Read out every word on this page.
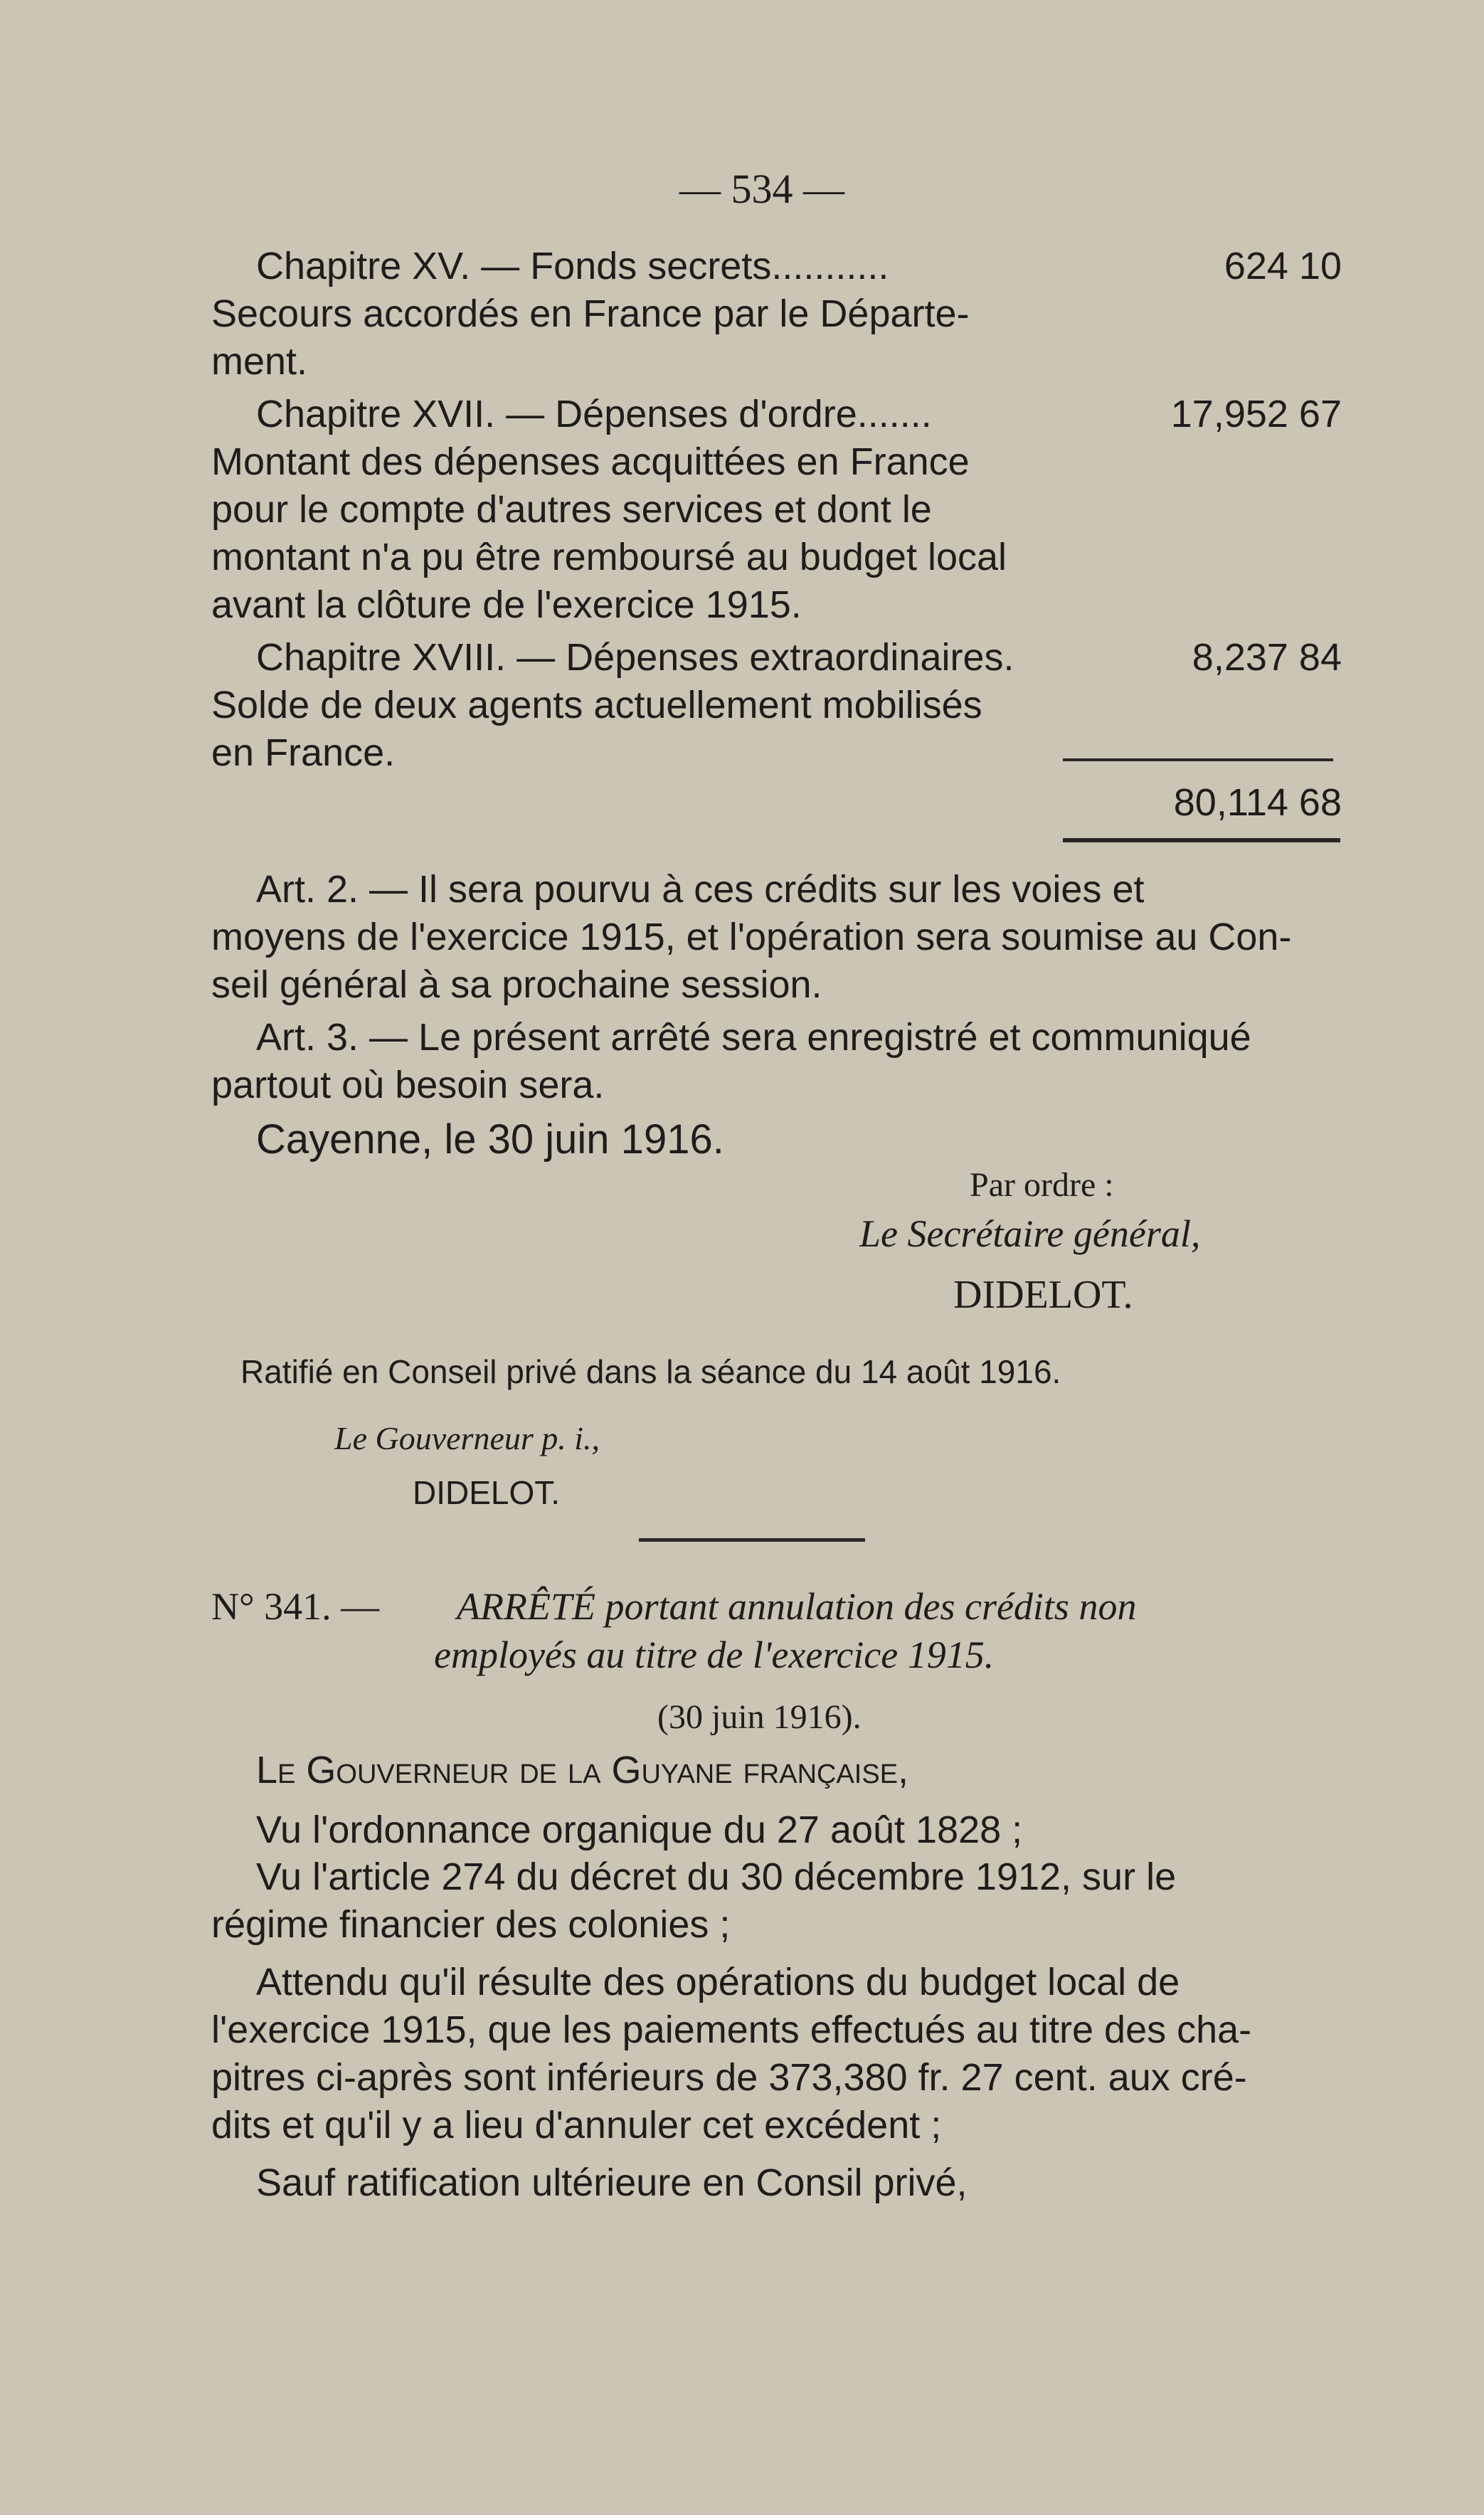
— 534 —
Chapitre XV. — Fonds secrets...........	624 10
Secours accordés en France par le Départe-
ment.
Chapitre XVII. — Dépenses d'ordre.......	17,952 67
Montant des dépenses acquittées en France
pour le compte d'autres services et dont le
montant n'a pu être remboursé au budget local
avant la clôture de l'exercice 1915.
Chapitre XVIII. — Dépenses extraordinaires.	8,237 84
Solde de deux agents actuellement mobilisés
en France.
80,114 68
Art. 2. — Il sera pourvu à ces crédits sur les voies et
moyens de l'exercice 1915, et l'opération sera soumise au Con-
seil général à sa prochaine session.
Art. 3. — Le présent arrêté sera enregistré et communiqué
partout où besoin sera.
Cayenne, le 30 juin 1916.
Par ordre :
Le Secrétaire général,
DIDELOT.
Ratifié en Conseil privé dans la séance du 14 août 1916.
Le Gouverneur p. i.,
DIDELOT.
N° 341. — ARRÊTÉ portant annulation des crédits non
employés au titre de l'exercice 1915.
(30 juin 1916).
Le Gouverneur de la Guyane française,
Vu l'ordonnance organique du 27 août 1828 ;
Vu l'article 274 du décret du 30 décembre 1912, sur le
régime financier des colonies ;
Attendu qu'il résulte des opérations du budget local de
l'exercice 1915, que les paiements effectués au titre des cha-
pitres ci-après sont inférieurs de 373,380 fr. 27 cent. aux cré-
dits et qu'il y a lieu d'annuler cet excédent ;
Sauf ratification ultérieure en Consil privé,
